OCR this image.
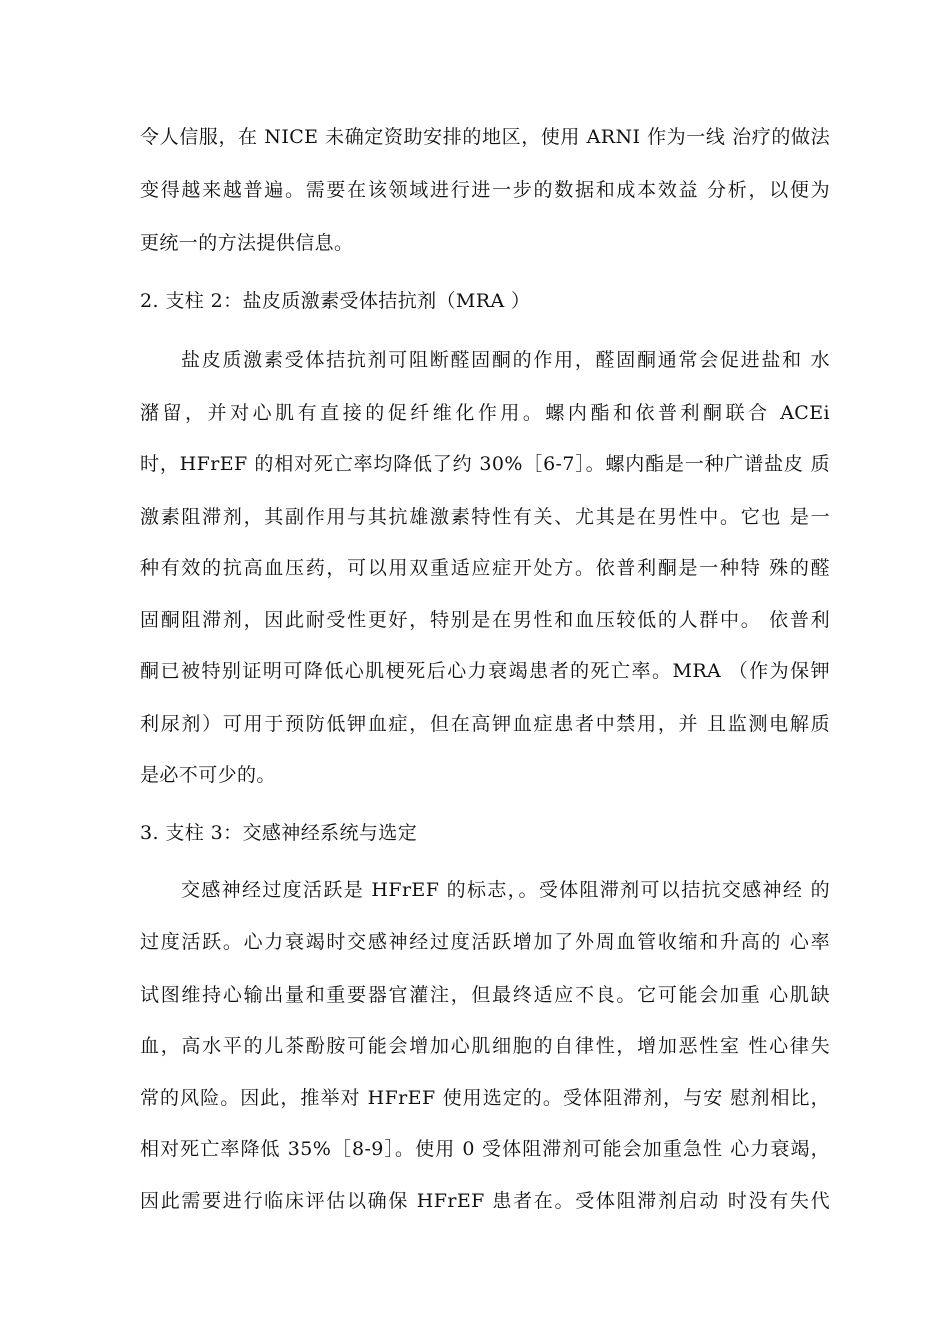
令人信服，在 NICE 未确定资助安排的地区，使用 ARNI 作为一线 治疗的做法
变得越来越普遍。需要在该领域进行进一步的数据和成本效益 分析，以便为
更统一的方法提供信息。
2. 支柱 2：盐皮质激素受体拮抗剂（MRA ）
盐皮质激素受体拮抗剂可阻断醛固酮的作用，醛固酮通常会促进盐和 水
潴留，并对心肌有直接的促纤维化作用。螺内酯和依普利酮联合 ACEi
时，HFrEF 的相对死亡率均降低了约 30%［6-7］。螺内酯是一种广谱盐皮 质
激素阻滞剂，其副作用与其抗雄激素特性有关、尤其是在男性中。它也 是一
种有效的抗高血压药，可以用双重适应症开处方。依普利酮是一种特 殊的醛
固酮阻滞剂，因此耐受性更好，特别是在男性和血压较低的人群中。 依普利
酮已被特别证明可降低心肌梗死后心力衰竭患者的死亡率。MRA （作为保钾
利尿剂）可用于预防低钾血症，但在高钾血症患者中禁用，并 且监测电解质
是必不可少的。
3. 支柱 3：交感神经系统与选定
交感神经过度活跃是 HFrEF 的标志，。受体阻滞剂可以拮抗交感神经 的
过度活跃。心力衰竭时交感神经过度活跃增加了外周血管收缩和升高的 心率
试图维持心输出量和重要器官灌注，但最终适应不良。它可能会加重 心肌缺
血，高水平的儿茶酚胺可能会增加心肌细胞的自律性，增加恶性室 性心律失
常的风险。因此，推举对 HFrEF 使用选定的。受体阻滞剂，与安 慰剂相比，
相对死亡率降低 35%［8-9］。使用 0 受体阻滞剂可能会加重急性 心力衰竭，
因此需要进行临床评估以确保 HFrEF 患者在。受体阻滞剂启动 时没有失代
